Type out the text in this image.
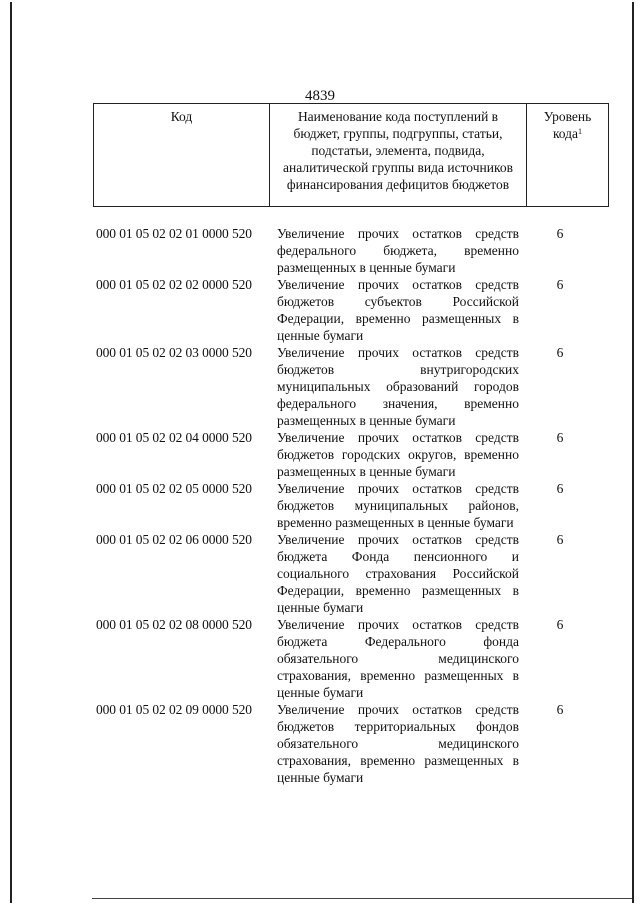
4839
Код	Наименование кода поступлений в бюджет, группы, подгруппы, статьи, подстатьи, элемента, подвида, аналитической группы вида источников финансирования дефицитов бюджетов	Уровень кода$^1$
000 01 05 02 02 01 0000 520 Увеличение прочих остатков средств федерального бюджета, временно размещенных в ценные бумаги
6
000 01 05 02 02 02 0000 520 Увеличение прочих остатков средств бюджетов субъектов Российской Федерации, временно размещенных в ценные бумаги
6
000 01 05 02 02 03 0000 520 Увеличение прочих остатков средств бюджетов внутригородских муниципальных образований городов федерального значения, временно размещенных в ценные бумаги
6
000 01 05 02 02 04 0000 520 Увеличение прочих остатков средств бюджетов городских округов, временно размещенных в ценные бумаги
6
000 01 05 02 02 05 0000 520 Увеличение прочих остатков средств бюджетов муниципальных районов, временно размещенных в ценные бумаги
6
000 01 05 02 02 06 0000 520 Увеличение прочих остатков средств бюджета Фонда пенсионного и социального страхования Российской Федерации, временно размещенных в ценные бумаги
6
000 01 05 02 02 08 0000 520 Увеличение прочих остатков средств бюджета Федерального фонда обязательного медицинского страхования, временно размещенных в ценные бумаги
6
000 01 05 02 02 09 0000 520 Увеличение прочих остатков средств бюджетов территориальных фондов обязательного медицинского страхования, временно размещенных в ценные бумаги
6
